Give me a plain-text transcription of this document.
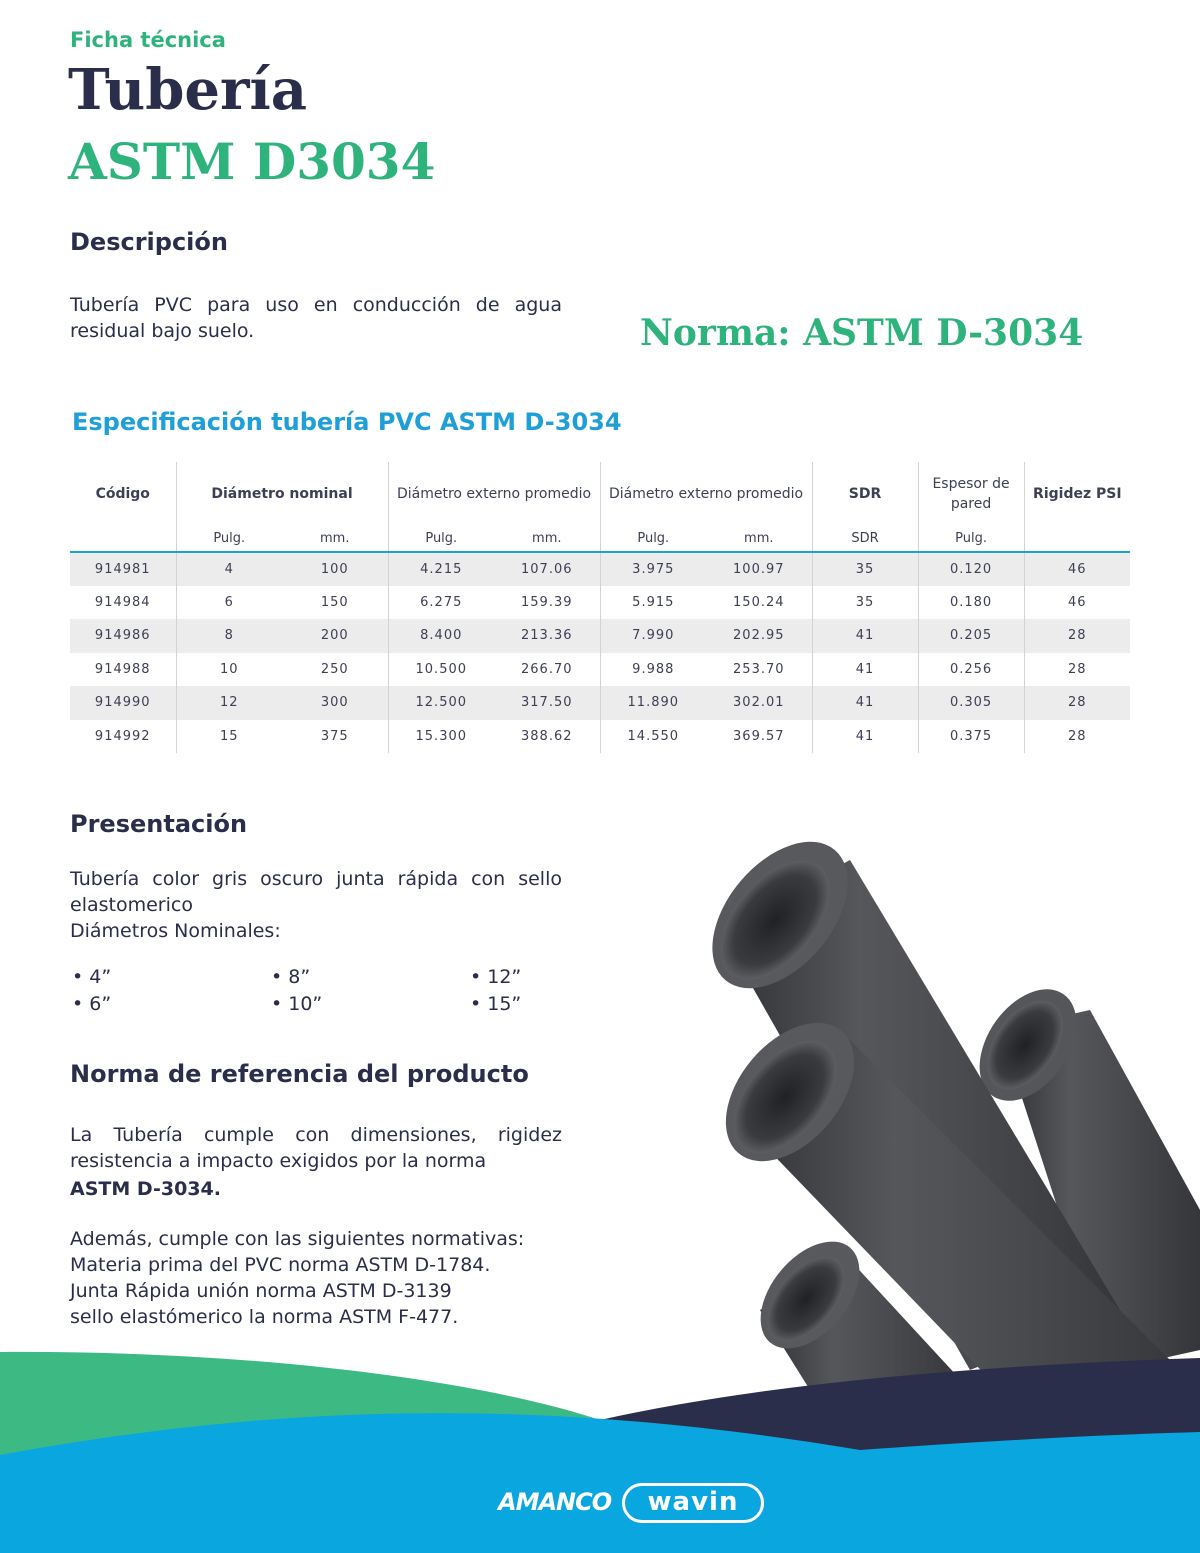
Ficha técnica
Tubería
ASTM D3034
Descripción
Tubería PVC para uso en conducción de agua residual bajo suelo.	Norma: ASTM D-3034
Especificación tubería PVC ASTM D-3034
Código	Diámetro nominal		Diámetro externo promedio		Diámetro externo promedio		SDR	Espesor de pared	Rigidez PSI
	Pulg.	mm.	Pulg.	mm.	Pulg.	mm.	SDR	Pulg.	
914981	4	100	4.215	107.06	3.975	100.97	35	0.120	46
914984	6	150	6.275	159.39	5.915	150.24	35	0.180	46
914986	8	200	8.400	213.36	7.990	202.95	41	0.205	28
914988	10	250	10.500	266.70	9.988	253.70	41	0.256	28
914990	12	300	12.500	317.50	11.890	302.01	41	0.305	28
914992	15	375	15.300	388.62	14.550	369.57	41	0.375	28
Presentación
Tubería color gris oscuro junta rápida con sello elastomerico
Diámetros Nominales:
• 4”
• 6”
• 8”
• 10”
• 12”
• 15”
Norma de referencia del producto
La Tubería cumple con dimensiones, rigidez resistencia a impacto exigidos por la norma
ASTM D-3034.
Además, cumple con las siguientes normativas:
Materia prima del PVC norma ASTM D-1784.
Junta Rápida unión norma ASTM D-3139
sello elastómerico la norma ASTM F-477.
AMANCO	wavin
